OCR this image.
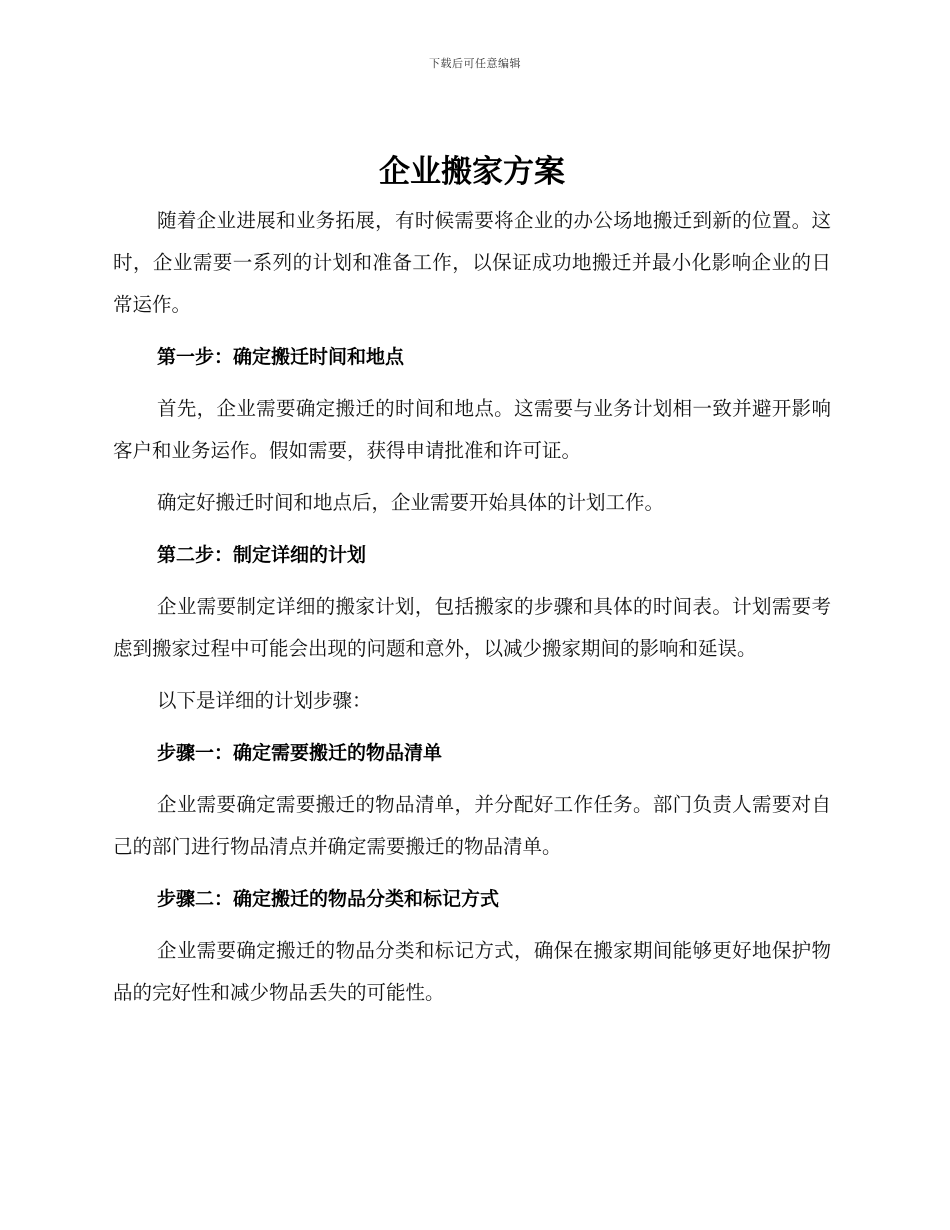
下载后可任意编辑
企业搬家方案

随着企业进展和业务拓展，有时候需要将企业的办公场地搬迁到新的位置。这时，企业需要一系列的计划和准备工作，以保证成功地搬迁并最小化影响企业的日常运作。

第一步：确定搬迁时间和地点

首先，企业需要确定搬迁的时间和地点。这需要与业务计划相一致并避开影响客户和业务运作。假如需要，获得申请批准和许可证。

确定好搬迁时间和地点后，企业需要开始具体的计划工作。

第二步：制定详细的计划

企业需要制定详细的搬家计划，包括搬家的步骤和具体的时间表。计划需要考虑到搬家过程中可能会出现的问题和意外，以减少搬家期间的影响和延误。

以下是详细的计划步骤：

步骤一：确定需要搬迁的物品清单

企业需要确定需要搬迁的物品清单，并分配好工作任务。部门负责人需要对自己的部门进行物品清点并确定需要搬迁的物品清单。

步骤二：确定搬迁的物品分类和标记方式

企业需要确定搬迁的物品分类和标记方式，确保在搬家期间能够更好地保护物品的完好性和减少物品丢失的可能性。
